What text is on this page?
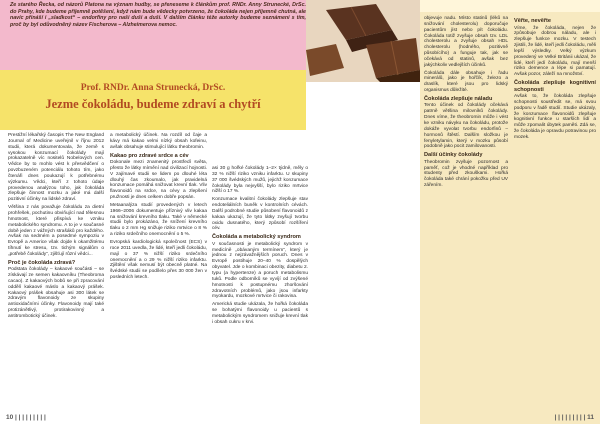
Ze starého Řecka, od názorů Platona na význam hudby, se přeneseme k článkům prof. RNDr. Anny Strunecké, DrSc. do Prahy, kde budeme příjemně potěšení, když nám bude vědecky potvrzeno, že čokoláda nejen příjemně chutná, ale navíc přináší i „sladkost“ – endorfiny pro naši duši a duši. V dalším článku téže autorky budeme seznámeni s tím, proč by byl odůvodněný název Fischerova – Alzheimerova nemoc.
Prof. RNDr. Anna Strunecká, DrSc.
Jezme čokoládu, budeme zdraví a chytří

Prestižní lékařský časopis The New England Journal of Medicine uveřejnil v říjnu 2012 studii, která dokumentovala, že země s vysokou konzumací čokolády mají prokazatelně víc nositelů Nobelových cen. Vědce by to mohlo vést k přesvědčení o povzbuzeném potenciálu tohoto tím, jako čtenáři dnes poukazují k potřebnému výzkumu. Vědci, kteří z tohoto údaje provedenou analýzou toho, jak čokoláda zlepšuje činnost mozku a jaké má další pozitivní účinky na lidské zdraví.

Většina z nás považuje čokoládu za dietní prohřešek, pochutinu obviňující nad tělesnou hmotnost, které přispívá ke vzniku metabolického syndromu. A to je v současné době jeden z vážných strašáků pro každého. Avšak na sedmém a posedmé sympoziu v Evropě a Americe však dojde k okamžitému tíhnutí ke stresu, tzv. tichým signálům o „potřebě čokolády“, zjišťují různí vědci...

Proč je čokoláda zdravá?

Podstata čokolády – kakaové součásti – se získávají ze semen kakaovníku (Theobroma cacao). Z kakaových bobů se při zpracování oddělí kakaové máslo a kakaový prášek. Kakaový prášek obsahuje asi 300 látek se zdravým flavonoidy ze skupiny antioxidačními účinky. Flavonoidy mají také protizánětlivý, protirakovinný a antitrombotický účinek.

a metabolický účinek. Na rozdíl od čaje a kávy má kakao velmi nízký obsah kofeinu, avšak obsahuje stimulující látku theobromin.

Kakao pro zdravé srdce a cév

Dokonale mezi znamenitý prostředí světa, přesto že látky mírnění nad civilizací hojnosti. V zajímavé studii se lidem po dlouhé léta dlouhý čas zkoumalo, jak pravidelná konzumace pomáhá snižovat krevní tlak. Vliv flavonoidů na srdce, na cévy a zlepšení pružnosti je dnes celkem dobře popsán.

Metaanalýza studií provedených v letech 1966–2006 dokumentuje příznivý vliv kakaa na snižování krevního tlaku. Také v německé studii bylo prokázáno, že snížení krevního tlaku o 2 mm Hg snižuje riziko mrtvice o 8 % a riziko srdečního onemocnění o 5 %.

Evropská kardiologická společnost (ECS) v roce 2011 uvedla, že lidé, kteří jedli čokoládu, mají o 37 % nižší riziko srdečního onemocnění a o 29 % nižší riziko infarktu. Zjištění však nemusí být obecně platné. Na švédské studii se podílelo přes 30 000 žen v posledních letech.

asi 30 g hořké čokolády 1–2× týdně, měly o 32 % nižší riziko vzniku infarktu. U skupiny 37 000 švédských mužů, jejichž konzumace čokolády byla nejvyšší, bylo riziko mrtvice nižší o 17 %.

Konzumace kvalitní čokolády zlepšuje stav endoteliálních buněk v kontrolních cévách. Další podrobné studie působení flavonoidů z kakaa ukazují, že tyto látky zvyšují tvorbu oxidu dusnatého, který způsobí rozšíření cév.

Čokoláda a metabolický syndrom

V současnosti je metabolický syndrom v medicíně „obávaným termínem“, který je jednou z nejzávažnějších poruch. Dnes v Evropě postihuje 20–40 % dospělých obyvatel. Jde o kombinaci obezity, diabetu 2. typu (a hypertenze) a poruch metabolismu tuků. Podle odborníků se vyvíjí od zvýšené hmotnosti k postupnému zhoršování zdravotních problémů, jako jsou infarkty myokardu, mozkové mrtvice či rakovina.

Americká studie ukázala, že hořká čokoláda se bohatými flavonoidy u pacientů s metabolickým syndromem snižuje krevní tlak i obsah cukru v krvi.

objevuje nadu. Místo statinů (léků na snižování cholesterolu) doporučuje pacientům jíst nebo pít čokoládu. Čokoláda totiž zvyšuje obsah tzv. LDL cholesterolu a zvyšuje obsah HDL cholesterolu (hodného, pozitivně působícího) a funguje tak, jak se očekává od statinů, avšak bez jakýchkoliv vedlejších účinků.

Čokoláda dále obsahuje i řadu minerálů, jako je hořčík, železo a draslík, které jsou pro lidský organismus důležité.

Čokoláda zlepšuje náladu

Tento účinek od čokolády očekává patrně většina milovníků čokolády. Dnes víme, že theobromin může i vést ke vzniku návyku na čokoládu, protože dokáže vyvolat tvorbu endorfinů – hormonů štěstí. Dalším složkou je fenyletylamin, který v mozku působí podobně jako pocit zamilovanosti.

Další účinky čokolády

Theobromin zvyšuje pozornost a paměť, což je vhodné například pro studenty před zkouškami. Hořká čokoláda také chrání pokožku před UV zářením.

Věřte, nevěřte

Víme, že čokoláda, nejen že způsobuje dobrou náladu, ale i zlepšuje funkce mozku. V testech zjistili, že lidé, kteří jedli čokoládu, měli lepší výsledky. Velký výzkum provedený ve Velké Británii ukázal, že lidé, kteří jedí čokoládu, mají menší riziko demence a lépe si pamatují. Avšak pozor, záleží na množství.

Čokoláda zlepšuje kognitivní schopnosti

Avšak to, že čokoláda zlepšuje schopnosti soustředit se, má svou podporu v řadě studií. Studie ukázaly, že konzumace flavonoidů zlepšuje kognitivní funkce u starších lidí a může zpomalit úbytek paměti. Zdá se, že čokoláda je opravdu potravinou pro mozek.

10 | | | | | | | | |	| | | | | | | | | 11
